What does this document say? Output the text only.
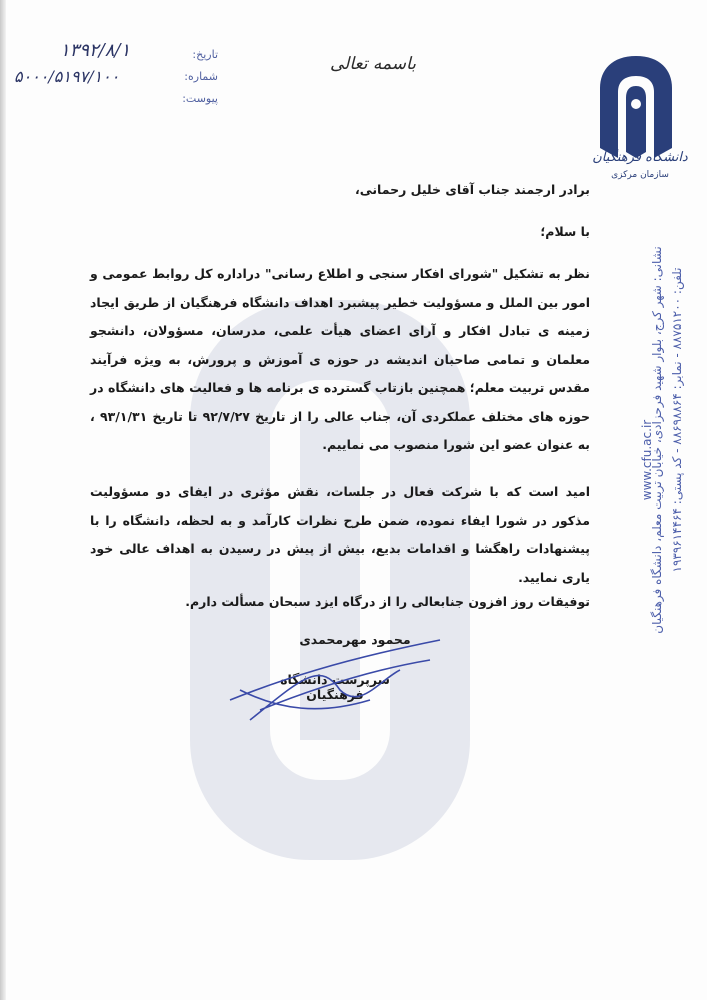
دانشگاه فرهنگیان
سازمان مرکزی
تاریخ:
شماره:
پیوست:
۱۳۹۲/۸/۱
۵۰۰۰/۵۱۹۷/۱۰۰
باسمه تعالی
برادر ارجمند جناب آقای خلیل رحمانی،
با سلام؛
نظر به تشکیل "شورای افکار سنجی و اطلاع رسانی" دراداره کل روابط عمومی و امور بین الملل و مسؤولیت خطیر پیشبرد اهداف دانشگاه فرهنگیان از طریق ایجاد زمینه ی تبادل افکار و آرای اعضای هیأت علمی، مدرسان، مسؤولان، دانشجو معلمان و تمامی صاحبان اندیشه در حوزه ی آموزش و پرورش، به ویژه فرآیند مقدس تربیت معلم؛ همچنین بازتاب گسترده ی برنامه ها و فعالیت های دانشگاه در حوزه های مختلف عملکردی آن، جناب عالی را از تاریخ ۹۲/۷/۲۷ تا تاریخ ۹۳/۱/۳۱ ، به عنوان عضو این شورا منصوب می نماییم.
امید است که با شرکت فعال در جلسات، نقش مؤثری در ایفای دو مسؤولیت مذکور در شورا ایفاء نموده، ضمن طرح نظرات کارآمد و به لحظه، دانشگاه را با پیشنهادات راهگشا و اقدامات بدیع، بیش از پیش در رسیدن به اهداف عالی خود یاری نمایید.
توفیقات روز افزون جنابعالی را از درگاه ایزد سبحان مسألت دارم.
محمود مهرمحمدی
سرپرست دانشگاه فرهنگیان
تلفن: ۸۸۷۵۱۲۰۰ - نمابر: ۸۸۶۹۸۸۶۴ - کد پستی: ۱۹۳۹۶۱۴۴۶۴
نشانی: شهر کرج، بلوار شهید فرحزادی، خیابان تربیت معلم، دانشگاه فرهنگیان
www.cfu.ac.ir
